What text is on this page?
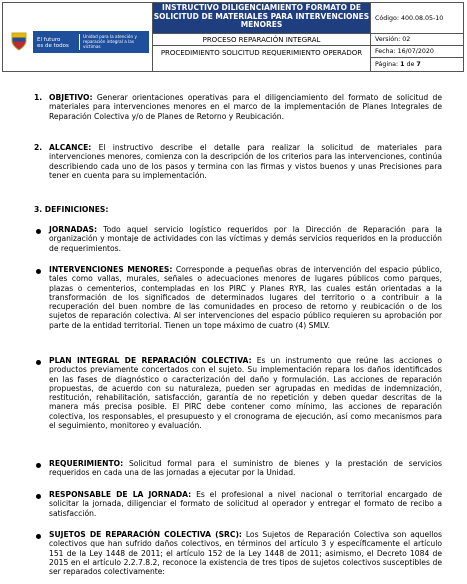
El futuro
es de todos
Unidad para la atención y reparación integral a las víctimas
INSTRUCTIVO DILIGENCIAMIENTO FORMATO DE SOLICITUD DE MATERIALES PARA INTERVENCIONES MENORES
PROCESO REPARACIÓN INTEGRAL
PROCEDIMIENTO SOLICITUD REQUERIMIENTO OPERADOR
Código: 400.08.05-10
Versión: 02
Fecha: 16/07/2020
Página: 1 de 7
1. OBJETIVO: Generar orientaciones operativas para el diligenciamiento del formato de solicitud de materiales para intervenciones menores en el marco de la implementación de Planes Integrales de Reparación Colectiva y/o de Planes de Retorno y Reubicación.
2. ALCANCE: El instructivo describe el detalle para realizar la solicitud de materiales para intervenciones menores, comienza con la descripción de los criterios para las intervenciones, continúa describiendo cada uno de los pasos y termina con las firmas y vistos buenos y unas Precisiones para tener en cuenta para su implementación.
3. DEFINICIONES:
JORNADAS: Todo aquel servicio logístico requeridos por la Dirección de Reparación para la organización y montaje de actividades con las víctimas y demás servicios requeridos en la producción de requerimientos.
INTERVENCIONES MENORES: Corresponde a pequeñas obras de intervención del espacio público, tales como vallas, murales, señales o adecuaciones menores de lugares públicos como parques, plazas o cementerios, contempladas en los PIRC y Planes RYR, las cuales están orientadas a la transformación de los significados de determinados lugares del territorio o a contribuir a la recuperación del buen nombre de las comunidades en proceso de retorno y reubicación o de los sujetos de reparación colectiva. Al ser intervenciones del espacio público requieren su aprobación por parte de la entidad territorial. Tienen un tope máximo de cuatro (4) SMLV.
PLAN INTEGRAL DE REPARACIÓN COLECTIVA: Es un instrumento que reúne las acciones o productos previamente concertados con el sujeto. Su implementación repara los daños identificados en las fases de diagnóstico o caracterización del daño y formulación. Las acciones de reparación propuestas, de acuerdo con su naturaleza, pueden ser agrupadas en medidas de indemnización, restitución, rehabilitación, satisfacción, garantía de no repetición y deben quedar descritas de la manera más precisa posible. El PIRC debe contener como mínimo, las acciones de reparación colectiva, los responsables, el presupuesto y el cronograma de ejecución, así como mecanismos para el seguimiento, monitoreo y evaluación.
REQUERIMIENTO: Solicitud formal para el suministro de bienes y la prestación de servicios requeridos en cada una de las jornadas a ejecutar por la Unidad.
RESPONSABLE DE LA JORNADA: Es el profesional a nivel nacional o territorial encargado de solicitar la jornada, diligenciar el formato de solicitud al operador y entregar el formato de recibo a satisfacción.
SUJETOS DE REPARACIÓN COLECTIVA (SRC): Los Sujetos de Reparación Colectiva son aquellos colectivos que han sufrido daños colectivos, en términos del artículo 3 y específicamente el artículo 151 de la Ley 1448 de 2011; el artículo 152 de la Ley 1448 de 2011; asimismo, el Decreto 1084 de 2015 en el artículo 2.2.7.8.2, reconoce la existencia de tres tipos de sujetos colectivos susceptibles de ser reparados colectivamente:
